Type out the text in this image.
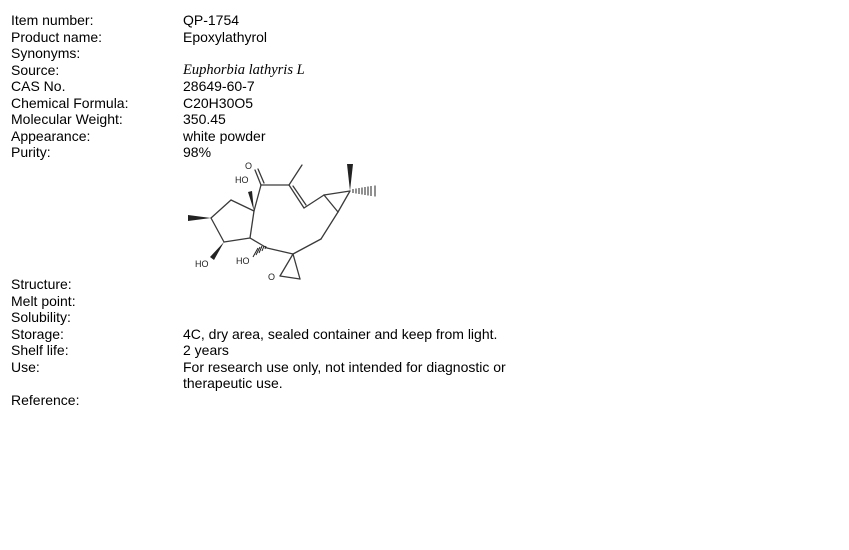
Item number:	QP-1754
Product name:	Epoxylathyrol
Synonyms:
Source:	Euphorbia lathyris L
CAS No.	28649-60-7
Chemical Formula:	C20H30O5
Molecular Weight:	350.45
Appearance:	white powder
Purity:	98%
Structure:
O
HO
HO	HO
O
Melt point:
Solubility:
Storage:	4C, dry area, sealed container and keep from light.
Shelf life:	2 years
Use:	For research use only, not intended for diagnostic or therapeutic use.
Reference:
